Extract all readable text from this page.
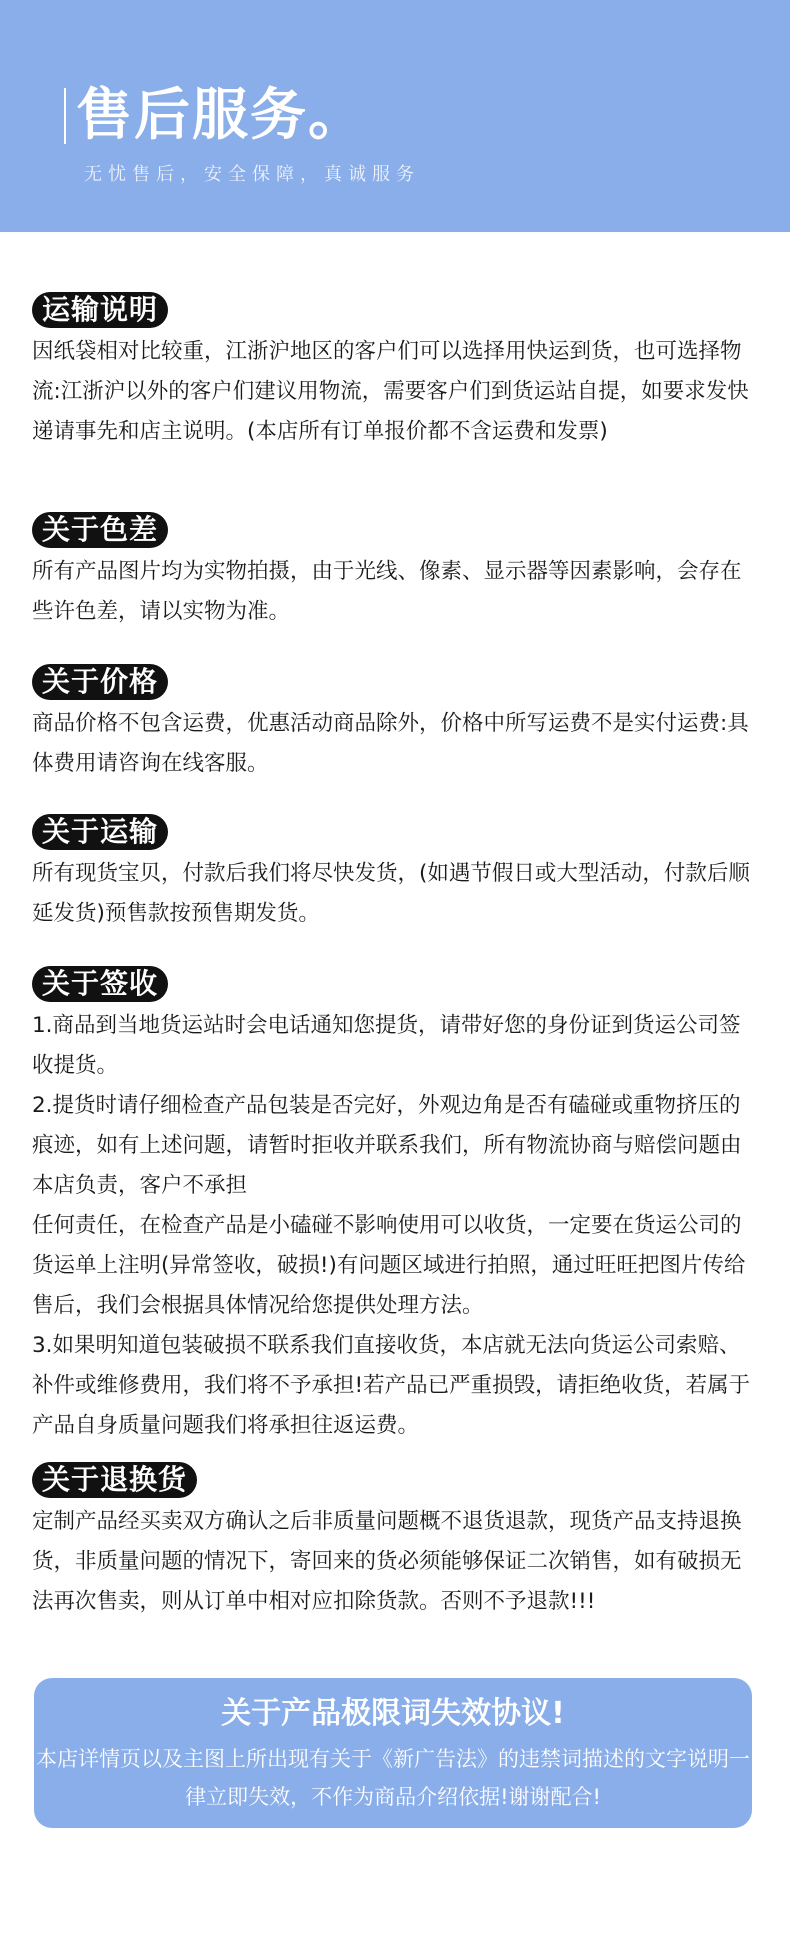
售后服务。
无忧售后，安全保障，真诚服务
运输说明

因纸袋相对比较重，江浙沪地区的客户们可以选择用快运到货，也可选择物流:江浙沪以外的客户们建议用物流，需要客户们到货运站自提，如要求发快递请事先和店主说明。(本店所有订单报价都不含运费和发票)

关于色差

所有产品图片均为实物拍摄，由于光线、像素、显示器等因素影响，会存在些许色差，请以实物为准。

关于价格

商品价格不包含运费，优惠活动商品除外，价格中所写运费不是实付运费:具体费用请咨询在线客服。

关于运输

所有现货宝贝，付款后我们将尽快发货，(如遇节假日或大型活动，付款后顺延发货)预售款按预售期发货。

关于签收

1.商品到当地货运站时会电话通知您提货，请带好您的身份证到货运公司签收提货。

2.提货时请仔细检查产品包装是否完好，外观边角是否有磕碰或重物挤压的痕迹，如有上述问题，请暂时拒收并联系我们，所有物流协商与赔偿问题由本店负责，客户不承担

任何责任，在检查产品是小磕碰不影响使用可以收货，一定要在货运公司的货运单上注明(异常签收，破损!)有问题区域进行拍照，通过旺旺把图片传给售后，我们会根据具体情况给您提供处理方法。

3.如果明知道包装破损不联系我们直接收货，本店就无法向货运公司索赔、补件或维修费用，我们将不予承担!若产品已严重损毁，请拒绝收货，若属于产品自身质量问题我们将承担往返运费。

关于退换货

定制产品经买卖双方确认之后非质量问题概不退货退款，现货产品支持退换货，非质量问题的情况下，寄回来的货必须能够保证二次销售，如有破损无法再次售卖，则从订单中相对应扣除货款。否则不予退款!!!

关于产品极限词失效协议!
本店详情页以及主图上所出现有关于《新广告法》的违禁词描述的文字说明一律立即失效，不作为商品介绍依据!谢谢配合!
